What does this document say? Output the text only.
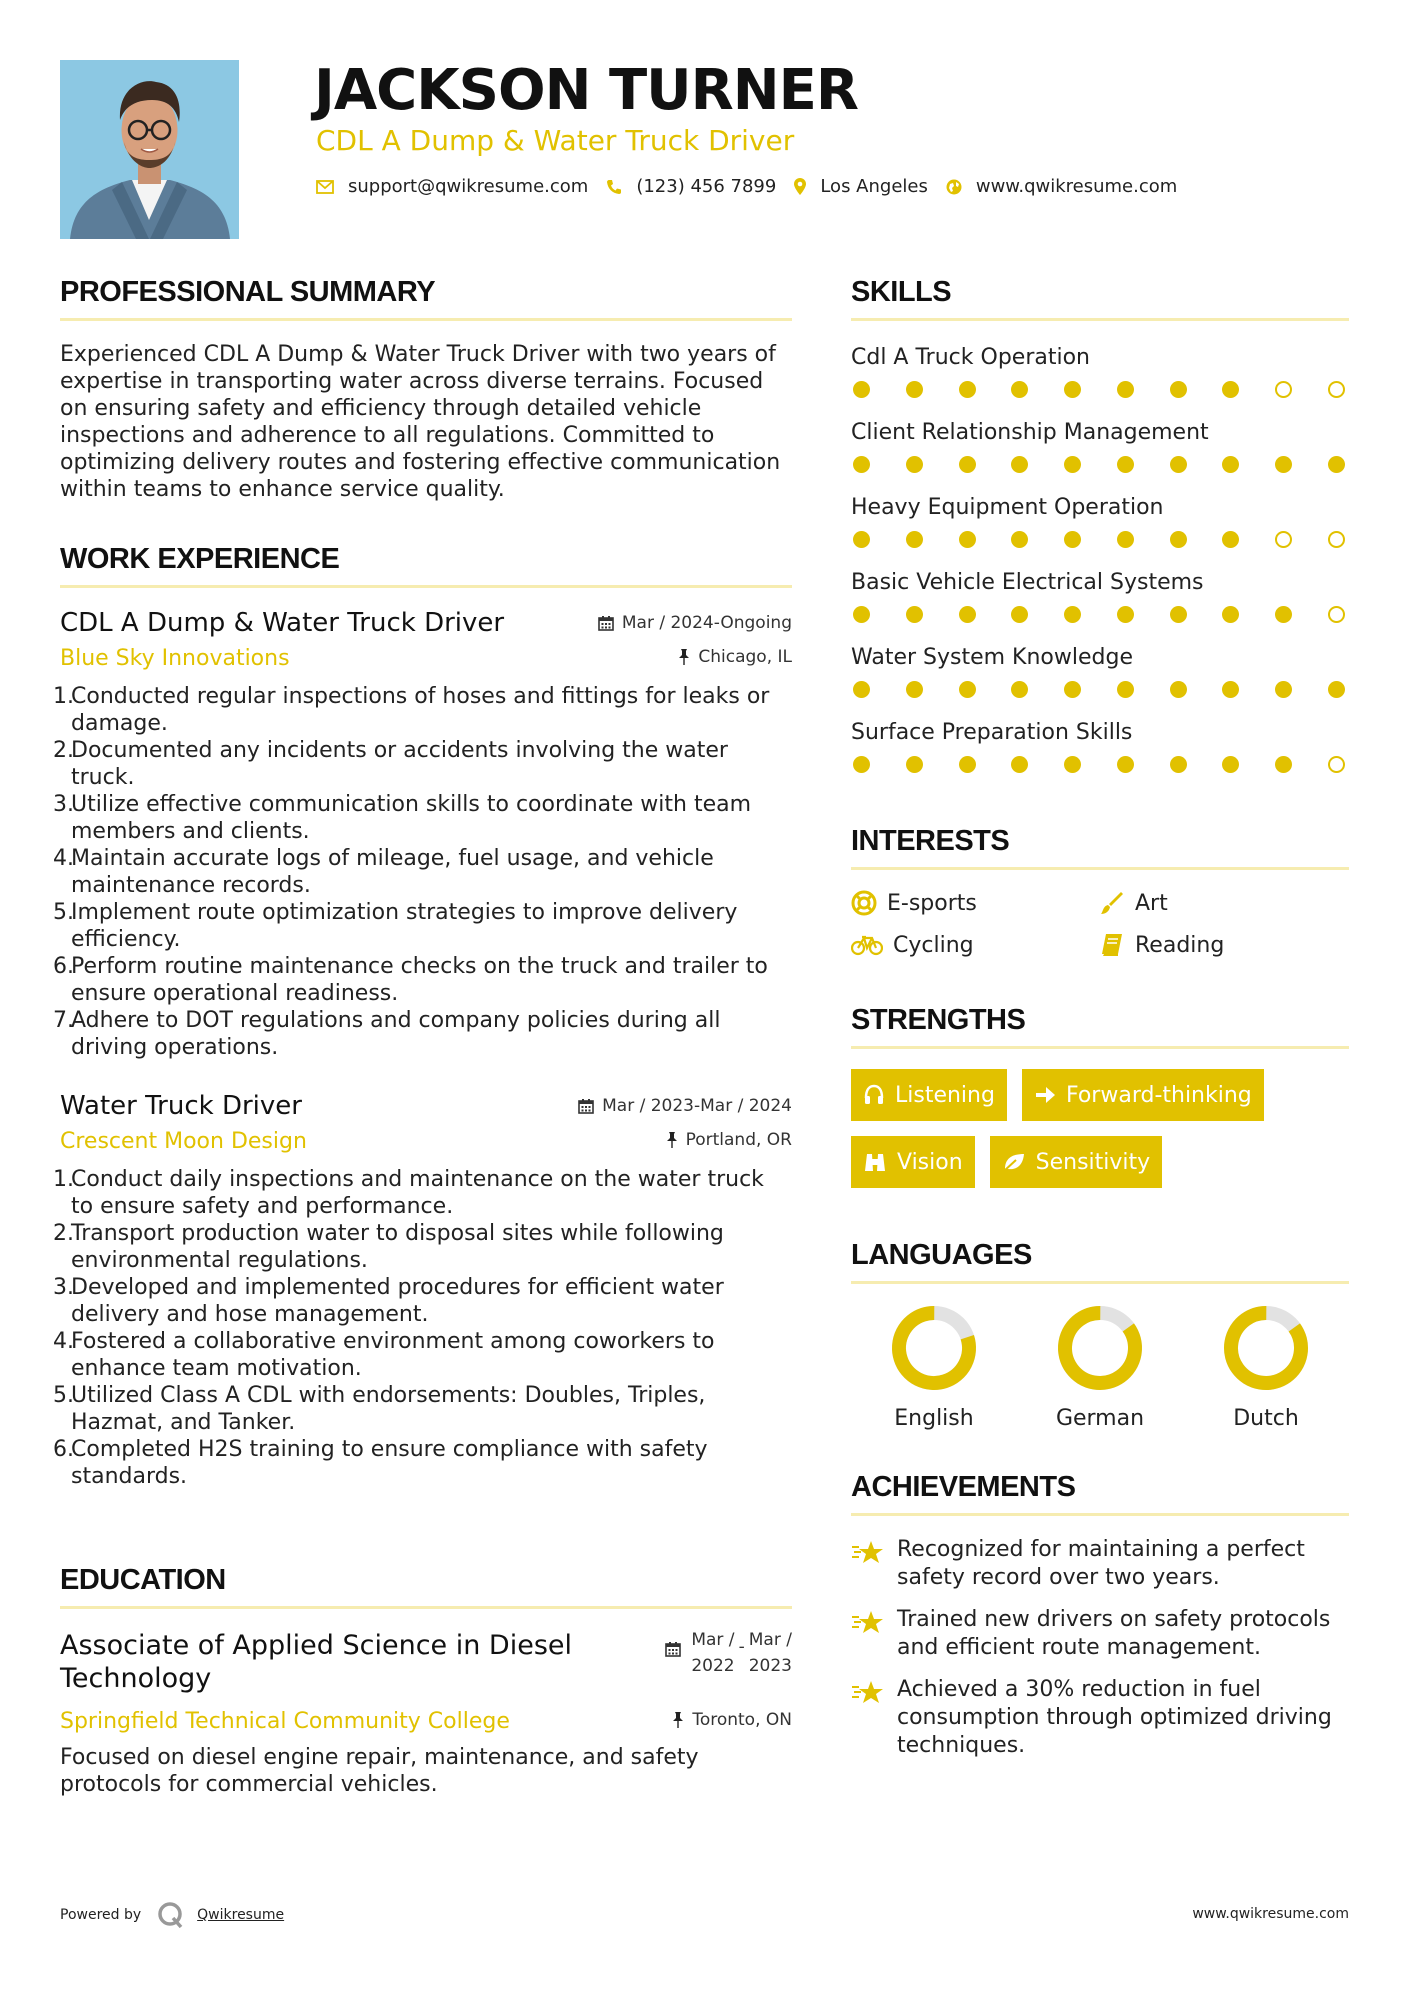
JACKSON TURNER
CDL A Dump & Water Truck Driver
support@qwikresume.com	(123) 456 7899 Los Angeles	www.qwikresume.com
PROFESSIONAL SUMMARY
Experienced CDL A Dump & Water Truck Driver with two years of expertise in transporting water across diverse terrains. Focused on ensuring safety and efficiency through detailed vehicle inspections and adherence to all regulations. Committed to optimizing delivery routes and fostering effective communication within teams to enhance service quality.
WORK EXPERIENCE
CDL A Dump & Water Truck Driver	Mar / 2024-Ongoing
Blue Sky Innovations	Chicago, IL
1.
Conducted regular inspections of hoses and fittings for leaks or damage.
2.
Documented any incidents or accidents involving the water truck.
3.
Utilize effective communication skills to coordinate with team members and clients.
4.
Maintain accurate logs of mileage, fuel usage, and vehicle maintenance records.
5.
Implement route optimization strategies to improve delivery efficiency.
6.
Perform routine maintenance checks on the truck and trailer to ensure operational readiness.
7.
Adhere to DOT regulations and company policies during all driving operations.
Water Truck Driver	Mar / 2023-Mar / 2024
Crescent Moon Design	Portland, OR
1.
Conduct daily inspections and maintenance on the water truck to ensure safety and performance.
2.
Transport production water to disposal sites while following environmental regulations.
3.
Developed and implemented procedures for efficient water delivery and hose management.
4.
Fostered a collaborative environment among coworkers to enhance team motivation.
5.
Utilized Class A CDL with endorsements: Doubles, Triples, Hazmat, and Tanker.
6.
Completed H2S training to ensure compliance with safety standards.
EDUCATION
Associate of Applied Science in Diesel Technology
Mar /
2022
- Mar /
2023
Springfield Technical Community College	Toronto, ON
Focused on diesel engine repair, maintenance, and safety protocols for commercial vehicles.
SKILLS
Cdl A Truck Operation
Client Relationship Management
Heavy Equipment Operation
Basic Vehicle Electrical Systems
Water System Knowledge
Surface Preparation Skills
INTERESTS
E-sports	Art
Cycling	Reading
STRENGTHS
Listening	Forward-thinking
Vision	Sensitivity
LANGUAGES
English	German	Dutch
ACHIEVEMENTS
Recognized for maintaining a perfect safety record over two years.
Trained new drivers on safety protocols and efficient route management.
Achieved a 30% reduction in fuel consumption through optimized driving techniques.
Powered by	Qwikresume	www.qwikresume.com
